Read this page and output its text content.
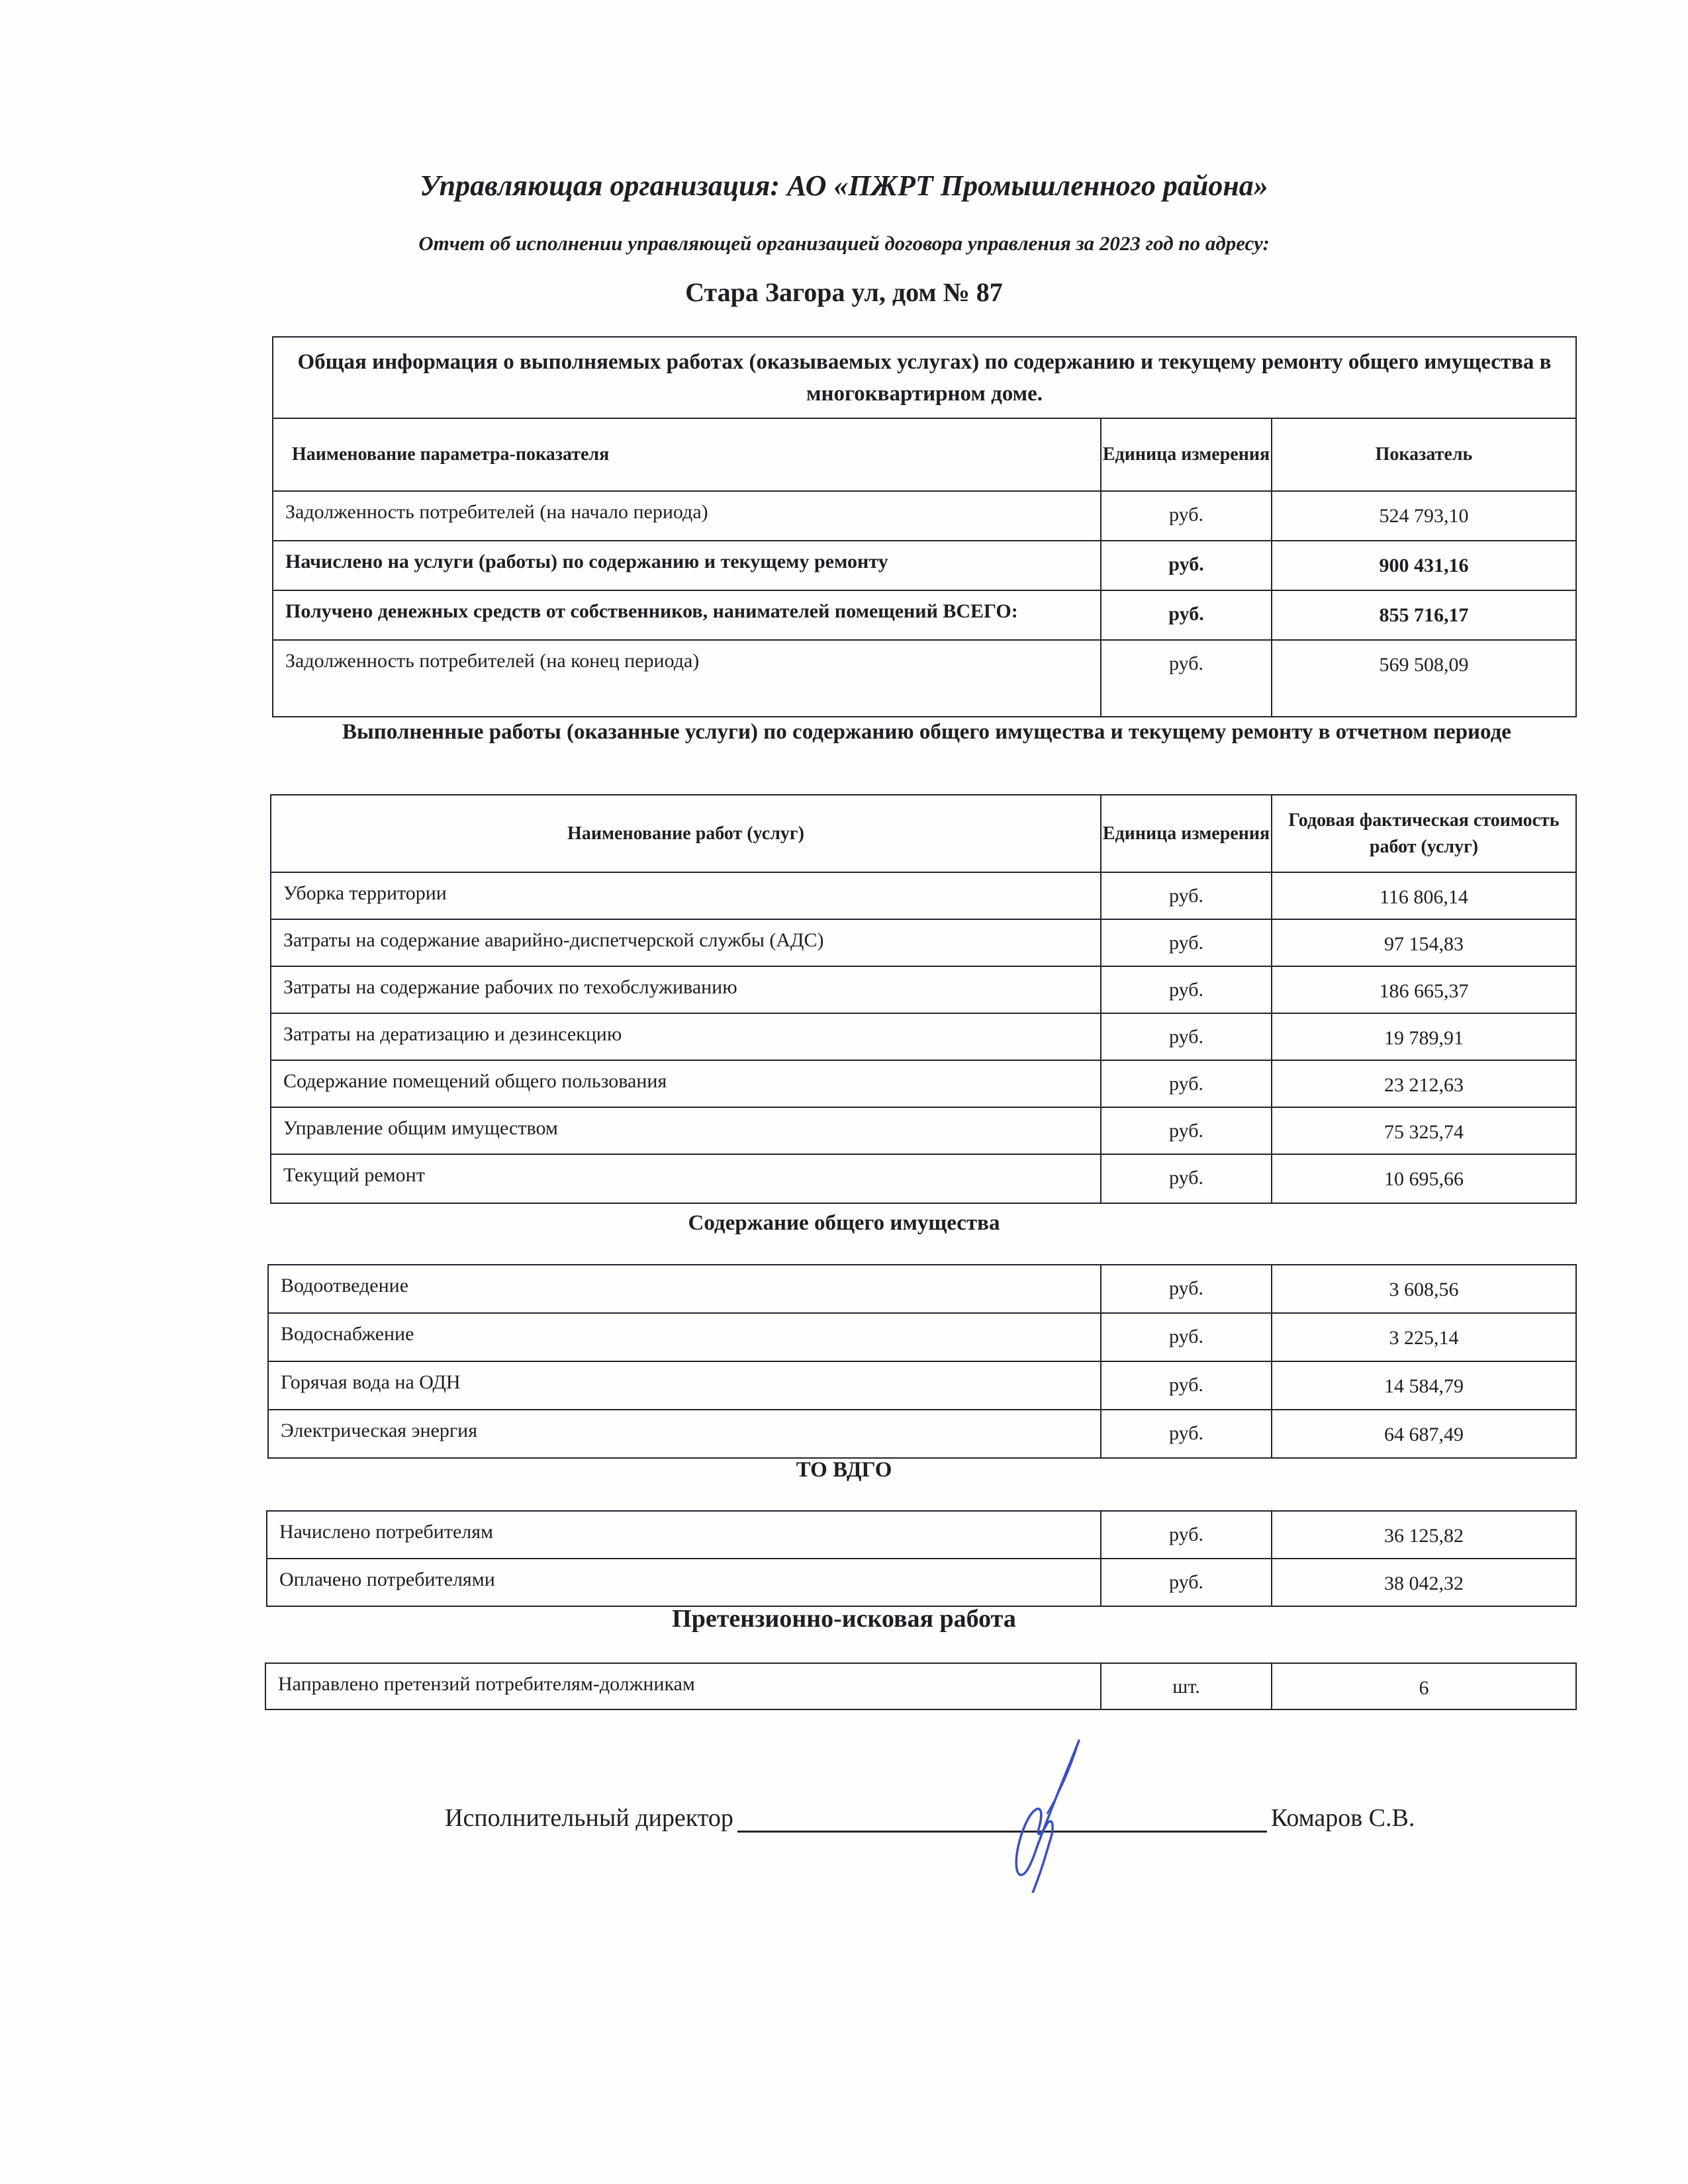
Управляющая организация: АО «ПЖРТ Промышленного района»
Отчет об исполнении управляющей организацией договора управления за 2023 год по адресу:
Стара Загора ул, дом № 87
Общая информация о выполняемых работах (оказываемых услугах) по содержанию и текущему ремонту общего имущества в многоквартирном доме.		
Наименование параметра-показателя	Единица измерения	Показатель
Задолженность потребителей (на начало периода)	руб.	524 793,10
Начислено на услуги (работы) по содержанию и текущему ремонту	руб.	900 431,16
Получено денежных средств от собственников, нанимателей помещений ВСЕГО:	руб.	855 716,17
Задолженность потребителей (на конец периода)	руб.	569 508,09
Выполненные работы (оказанные услуги) по содержанию общего имущества и текущему ремонту в отчетном периоде
Наименование работ (услуг)	Единица измерения	Годовая фактическая стоимость работ (услуг)
Уборка территории	руб.	116 806,14
Затраты на содержание аварийно-диспетчерской службы (АДС)	руб.	97 154,83
Затраты на содержание рабочих по техобслуживанию	руб.	186 665,37
Затраты на дератизацию и дезинсекцию	руб.	19 789,91
Содержание помещений общего пользования	руб.	23 212,63
Управление общим имуществом	руб.	75 325,74
Текущий ремонт	руб.	10 695,66
Содержание общего имущества
Водоотведение	руб.	3 608,56
Водоснабжение	руб.	3 225,14
Горячая вода на ОДН	руб.	14 584,79
Электрическая энергия	руб.	64 687,49
ТО ВДГО
Начислено потребителям	руб.	36 125,82
Оплачено потребителями	руб.	38 042,32
Претензионно-исковая работа
Направлено претензий потребителям-должникам	шт.	6
Исполнительный директор	Комаров С.В.
